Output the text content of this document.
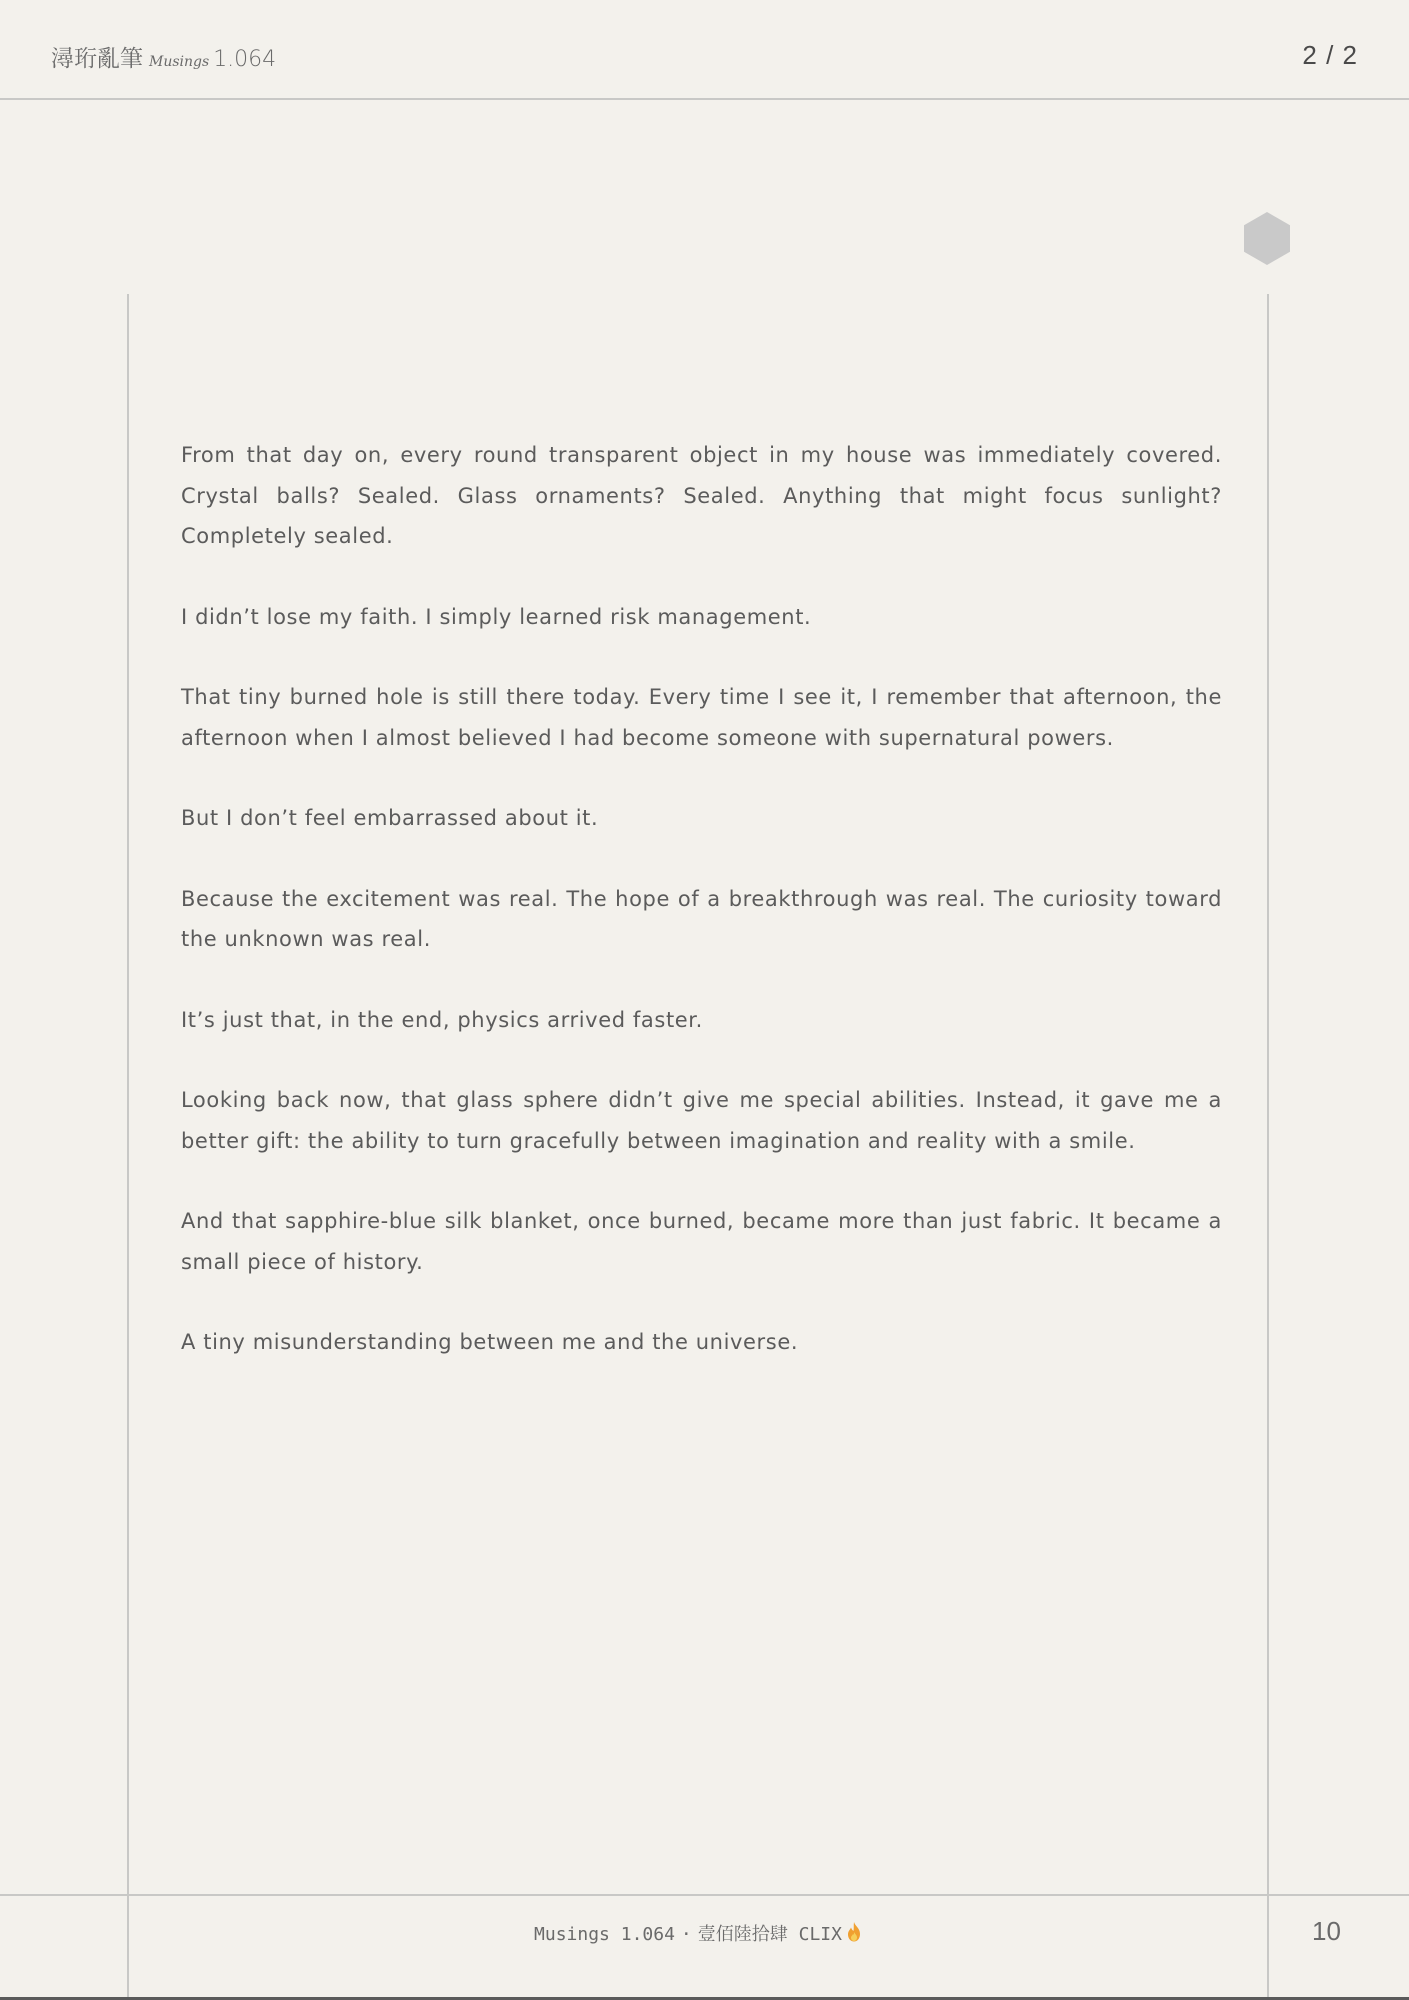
潯珩亂筆 Musings 1.064	2 / 2

From that day on, every round transparent object in my house was immediately covered. Crystal balls? Sealed. Glass ornaments? Sealed. Anything that might focus sunlight? Completely sealed.

I didn’t lose my faith. I simply learned risk management.

That tiny burned hole is still there today. Every time I see it, I remember that afternoon, the afternoon when I almost believed I had become someone with supernatural powers.

But I don’t feel embarrassed about it.

Because the excitement was real. The hope of a breakthrough was real. The curiosity toward the unknown was real.

It’s just that, in the end, physics arrived faster.

Looking back now, that glass sphere didn’t give me special abilities. Instead, it gave me a better gift: the ability to turn gracefully between imagination and reality with a smile.

And that sapphire-blue silk blanket, once burned, became more than just fabric. It became a small piece of history.

A tiny misunderstanding between me and the universe.

Musings 1.064 · 壹佰陸拾肆 CLIX	10
